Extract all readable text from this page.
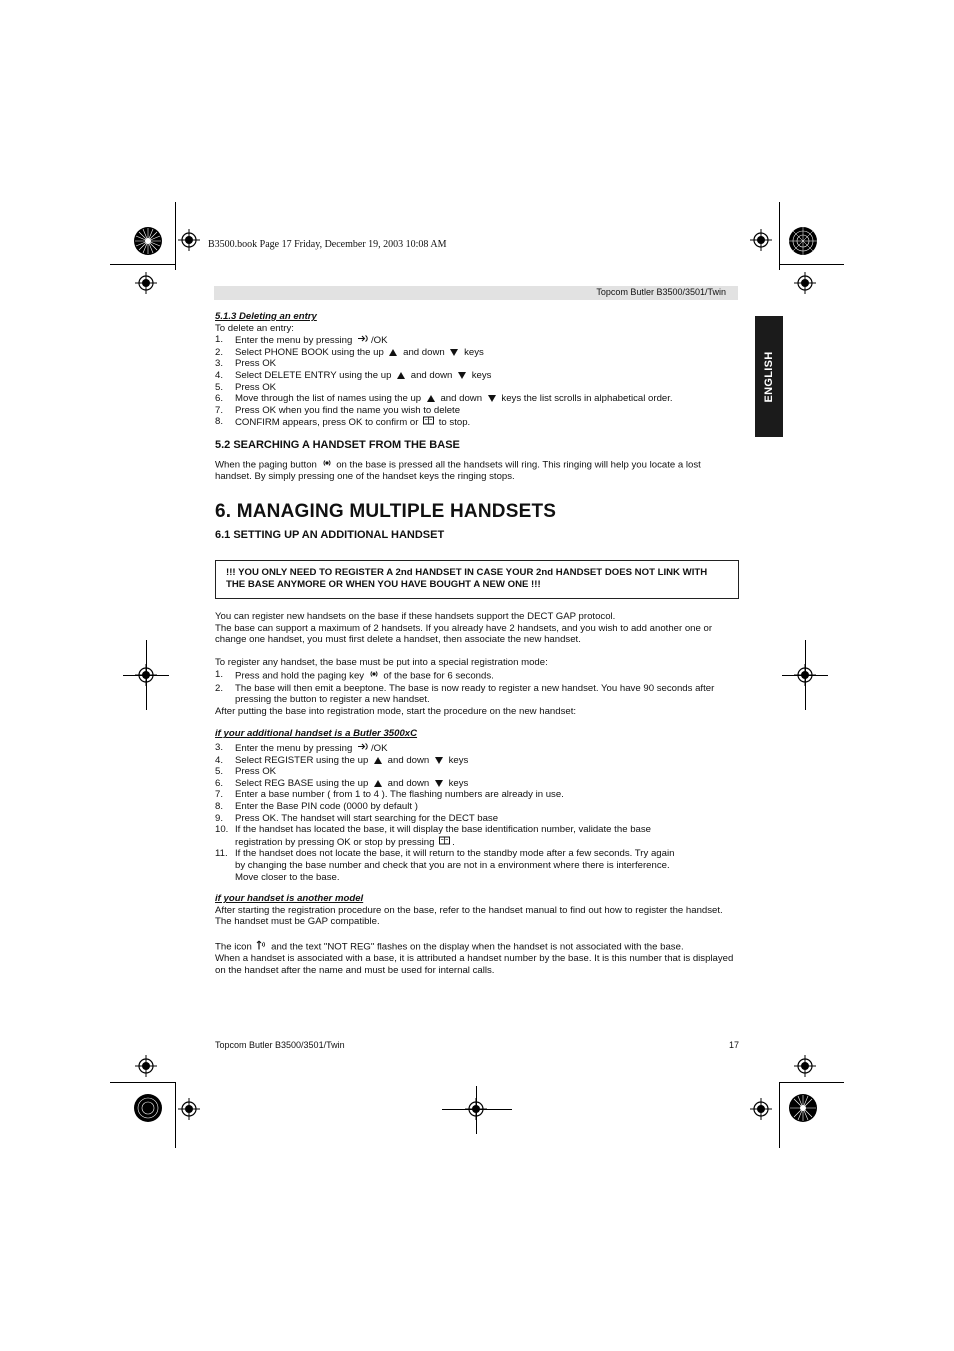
B3500.book Page 17 Friday, December 19, 2003 10:08 AM
Topcom Butler B3500/3501/Twin
ENGLISH

5.1.3 Deleting an entry

To delete an entry:

1. Enter the menu by pressing /OK
2. Select PHONE BOOK using the up  and down  keys
3. Press OK
4. Select DELETE ENTRY using the up  and down  keys
5. Press OK
6. Move through the list of names using the up  and down  keys the list scrolls in alphabetical order.
7. Press OK when you find the name you wish to delete
8. CONFIRM appears, press OK to confirm or  to stop.
5.2 SEARCHING A HANDSET FROM THE BASE

When the paging button  on the base is pressed all the handsets will ring. This ringing will help you locate a lost handset. By simply pressing one of the handset keys the ringing stops.

6. MANAGING MULTIPLE HANDSETS
6.1 SETTING UP AN ADDITIONAL HANDSET
!!! YOU ONLY NEED TO REGISTER A 2nd HANDSET IN CASE YOUR 2nd HANDSET DOES NOT LINK WITH THE BASE ANYMORE OR WHEN YOU HAVE BOUGHT A NEW ONE !!!

You can register new handsets on the base if these handsets support the DECT GAP protocol.

The base can support a maximum of 2 handsets. If you already have 2 handsets, and you wish to add another one or change one handset, you must first delete a handset, then associate the new handset.

To register any handset, the base must be put into a special registration mode:

1. Press and hold the paging key  of the base for 6 seconds.
2. The base will then emit a beeptone. The base is now ready to register a new handset. You have 90 seconds after pressing the button to register a new handset.

After putting the base into registration mode, start the procedure on the new handset:

if your additional handset is a Butler 3500xC

3. Enter the menu by pressing /OK
4. Select REGISTER using the up  and down  keys
5. Press OK
6. Select REG BASE using the up  and down  keys
7. Enter a base number ( from 1 to 4 ). The flashing numbers are already in use.
8. Enter the Base PIN code (0000 by default )
9. Press OK. The handset will start searching for the DECT base
10. If the handset has located the base, it will display the base identification number, validate the base registration by pressing OK or stop by pressing .
11. If the handset does not locate the base, it will return to the standby mode after a few seconds. Try again by changing the base number and check that you are not in a environment where there is interference. Move closer to the base.

if your handset is another model

After starting the registration procedure on the base, refer to the handset manual to find out how to register the handset. The handset must be GAP compatible.

The icon  and the text "NOT REG" flashes on the display when the handset is not associated with the base.

When a handset is associated with a base, it is attributed a handset number by the base. It is this number that is displayed on the handset after the name and must be used for internal calls.

Topcom Butler B3500/3501/Twin	17
